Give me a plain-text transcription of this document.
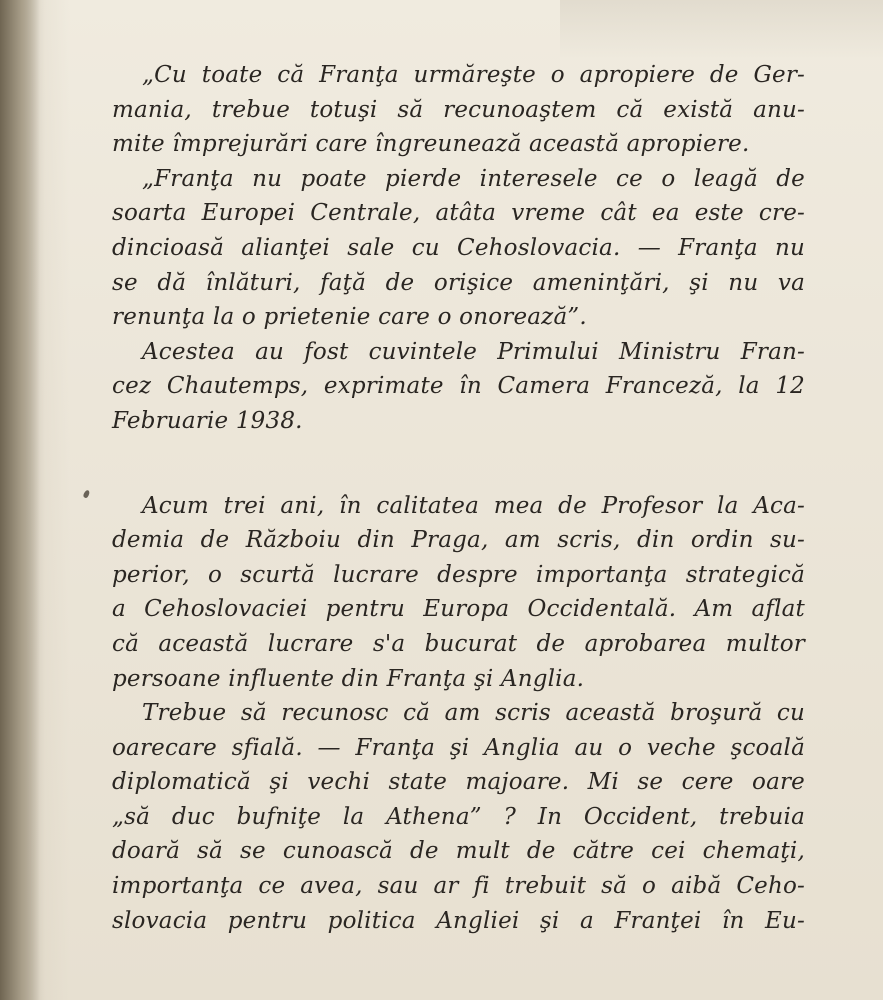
„Cu toate că Franţa urmăreşte o apropiere de Ger-
mania, trebue totuşi să recunoaştem că există anu-
mite împrejurări care îngreunează această apropiere.
„Franţa nu poate pierde interesele ce o leagă de
soarta Europei Centrale, atâta vreme cât ea este cre-
dincioasă alianţei sale cu Cehoslovacia. — Franţa nu
se dă înlături, faţă de orişice ameninţări, şi nu va
renunţa la o prietenie care o onorează”.
Acestea au fost cuvintele Primului Ministru Fran-
cez Chautemps, exprimate în Camera Franceză, la 12
Februarie 1938.
Acum trei ani, în calitatea mea de Profesor la Aca-
demia de Războiu din Praga, am scris, din ordin su-
perior, o scurtă lucrare despre importanţa strategică
a Cehoslovaciei pentru Europa Occidentală. Am aflat
că această lucrare s'a bucurat de aprobarea multor
persoane influente din Franţa şi Anglia.
Trebue să recunosc că am scris această broşură cu
oarecare sfială. — Franţa şi Anglia au o veche şcoală
diplomatică şi vechi state majoare. Mi se cere oare
„să duc bufniţe la Athena” ? In Occident, trebuia
doară să se cunoască de mult de către cei chemaţi,
importanţa ce avea, sau ar fi trebuit să o aibă Ceho-
slovacia pentru politica Angliei şi a Franţei în Eu-
